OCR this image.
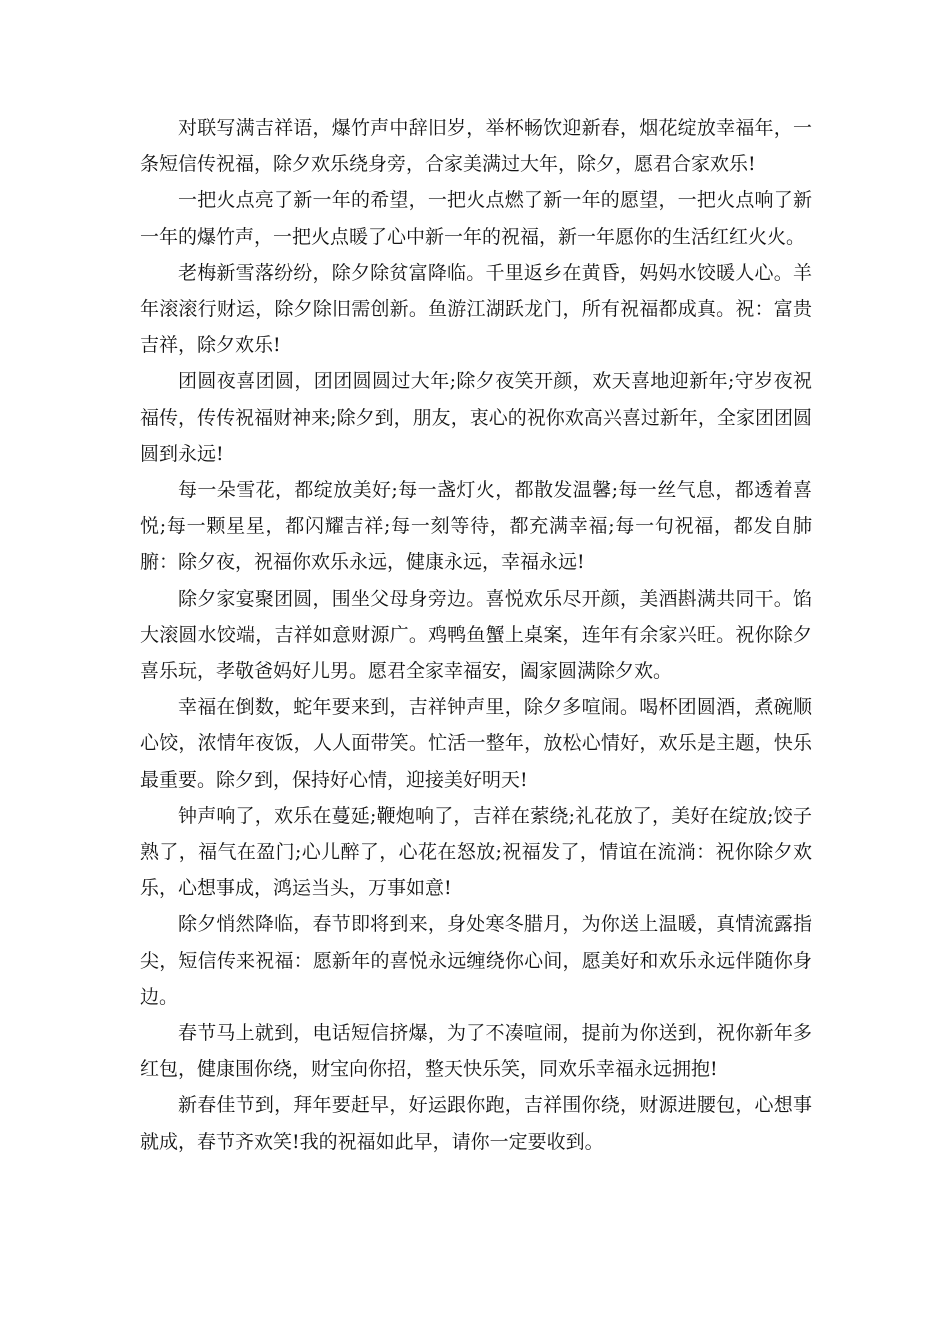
对联写满吉祥语，爆竹声中辞旧岁，举杯畅饮迎新春，烟花绽放幸福年，一条短信传祝福，除夕欢乐绕身旁，合家美满过大年，除夕，愿君合家欢乐!

一把火点亮了新一年的希望，一把火点燃了新一年的愿望，一把火点响了新一年的爆竹声，一把火点暖了心中新一年的祝福，新一年愿你的生活红红火火。

老梅新雪落纷纷，除夕除贫富降临。千里返乡在黄昏，妈妈水饺暖人心。羊年滚滚行财运，除夕除旧需创新。鱼游江湖跃龙门，所有祝福都成真。祝：富贵吉祥，除夕欢乐!

团圆夜喜团圆，团团圆圆过大年;除夕夜笑开颜，欢天喜地迎新年;守岁夜祝福传，传传祝福财神来;除夕到，朋友，衷心的祝你欢高兴喜过新年，全家团团圆圆到永远!

每一朵雪花，都绽放美好;每一盏灯火，都散发温馨;每一丝气息，都透着喜悦;每一颗星星，都闪耀吉祥;每一刻等待，都充满幸福;每一句祝福，都发自肺腑：除夕夜，祝福你欢乐永远，健康永远，幸福永远!

除夕家宴聚团圆，围坐父母身旁边。喜悦欢乐尽开颜，美酒斟满共同干。馅大滚圆水饺端，吉祥如意财源广。鸡鸭鱼蟹上桌案，连年有余家兴旺。祝你除夕喜乐玩，孝敬爸妈好儿男。愿君全家幸福安，阖家圆满除夕欢。

幸福在倒数，蛇年要来到，吉祥钟声里，除夕多喧闹。喝杯团圆酒，煮碗顺心饺，浓情年夜饭，人人面带笑。忙活一整年，放松心情好，欢乐是主题，快乐最重要。除夕到，保持好心情，迎接美好明天!

钟声响了，欢乐在蔓延;鞭炮响了，吉祥在萦绕;礼花放了，美好在绽放;饺子熟了，福气在盈门;心儿醉了，心花在怒放;祝福发了，情谊在流淌：祝你除夕欢乐，心想事成，鸿运当头，万事如意!

除夕悄然降临，春节即将到来，身处寒冬腊月，为你送上温暖，真情流露指尖，短信传来祝福：愿新年的喜悦永远缠绕你心间，愿美好和欢乐永远伴随你身边。

春节马上就到，电话短信挤爆，为了不凑喧闹，提前为你送到，祝你新年多红包，健康围你绕，财宝向你招，整天快乐笑，同欢乐幸福永远拥抱!

新春佳节到，拜年要赶早，好运跟你跑，吉祥围你绕，财源进腰包，心想事就成，春节齐欢笑!我的祝福如此早，请你一定要收到。
